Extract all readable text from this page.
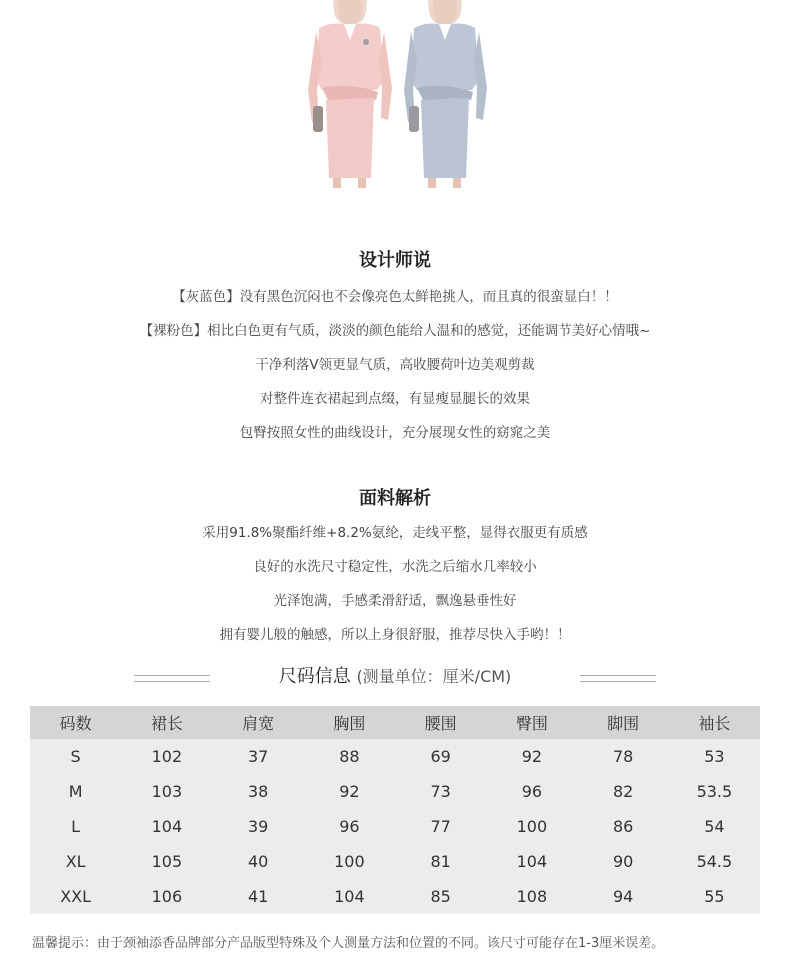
设计师说
【灰蓝色】没有黑色沉闷也不会像亮色太鲜艳挑人，而且真的很蛮显白！！
【裸粉色】相比白色更有气质，淡淡的颜色能给人温和的感觉，还能调节美好心情哦~
干净利落V领更显气质，高收腰荷叶边美观剪裁
对整件连衣裙起到点缀，有显瘦显腿长的效果
包臀按照女性的曲线设计，充分展现女性的窈窕之美
面料解析
采用91.8%聚酯纤维+8.2%氨纶，走线平整，显得衣服更有质感
良好的水洗尺寸稳定性，水洗之后缩水几率较小
光泽饱满，手感柔滑舒适，飘逸悬垂性好
拥有婴儿般的触感，所以上身很舒服，推荐尽快入手哟！！
尺码信息 (测量单位：厘米/CM)
码数	裙长	肩宽	胸围	腰围	臀围	脚围	袖长
S	102	37	88	69	92	78	53
M	103	38	92	73	96	82	53.5
L	104	39	96	77	100	86	54
XL	105	40	100	81	104	90	54.5
XXL	106	41	104	85	108	94	55
温馨提示：由于颈袖添香品牌部分产品版型特殊及个人测量方法和位置的不同。该尺寸可能存在1-3厘米误差。
